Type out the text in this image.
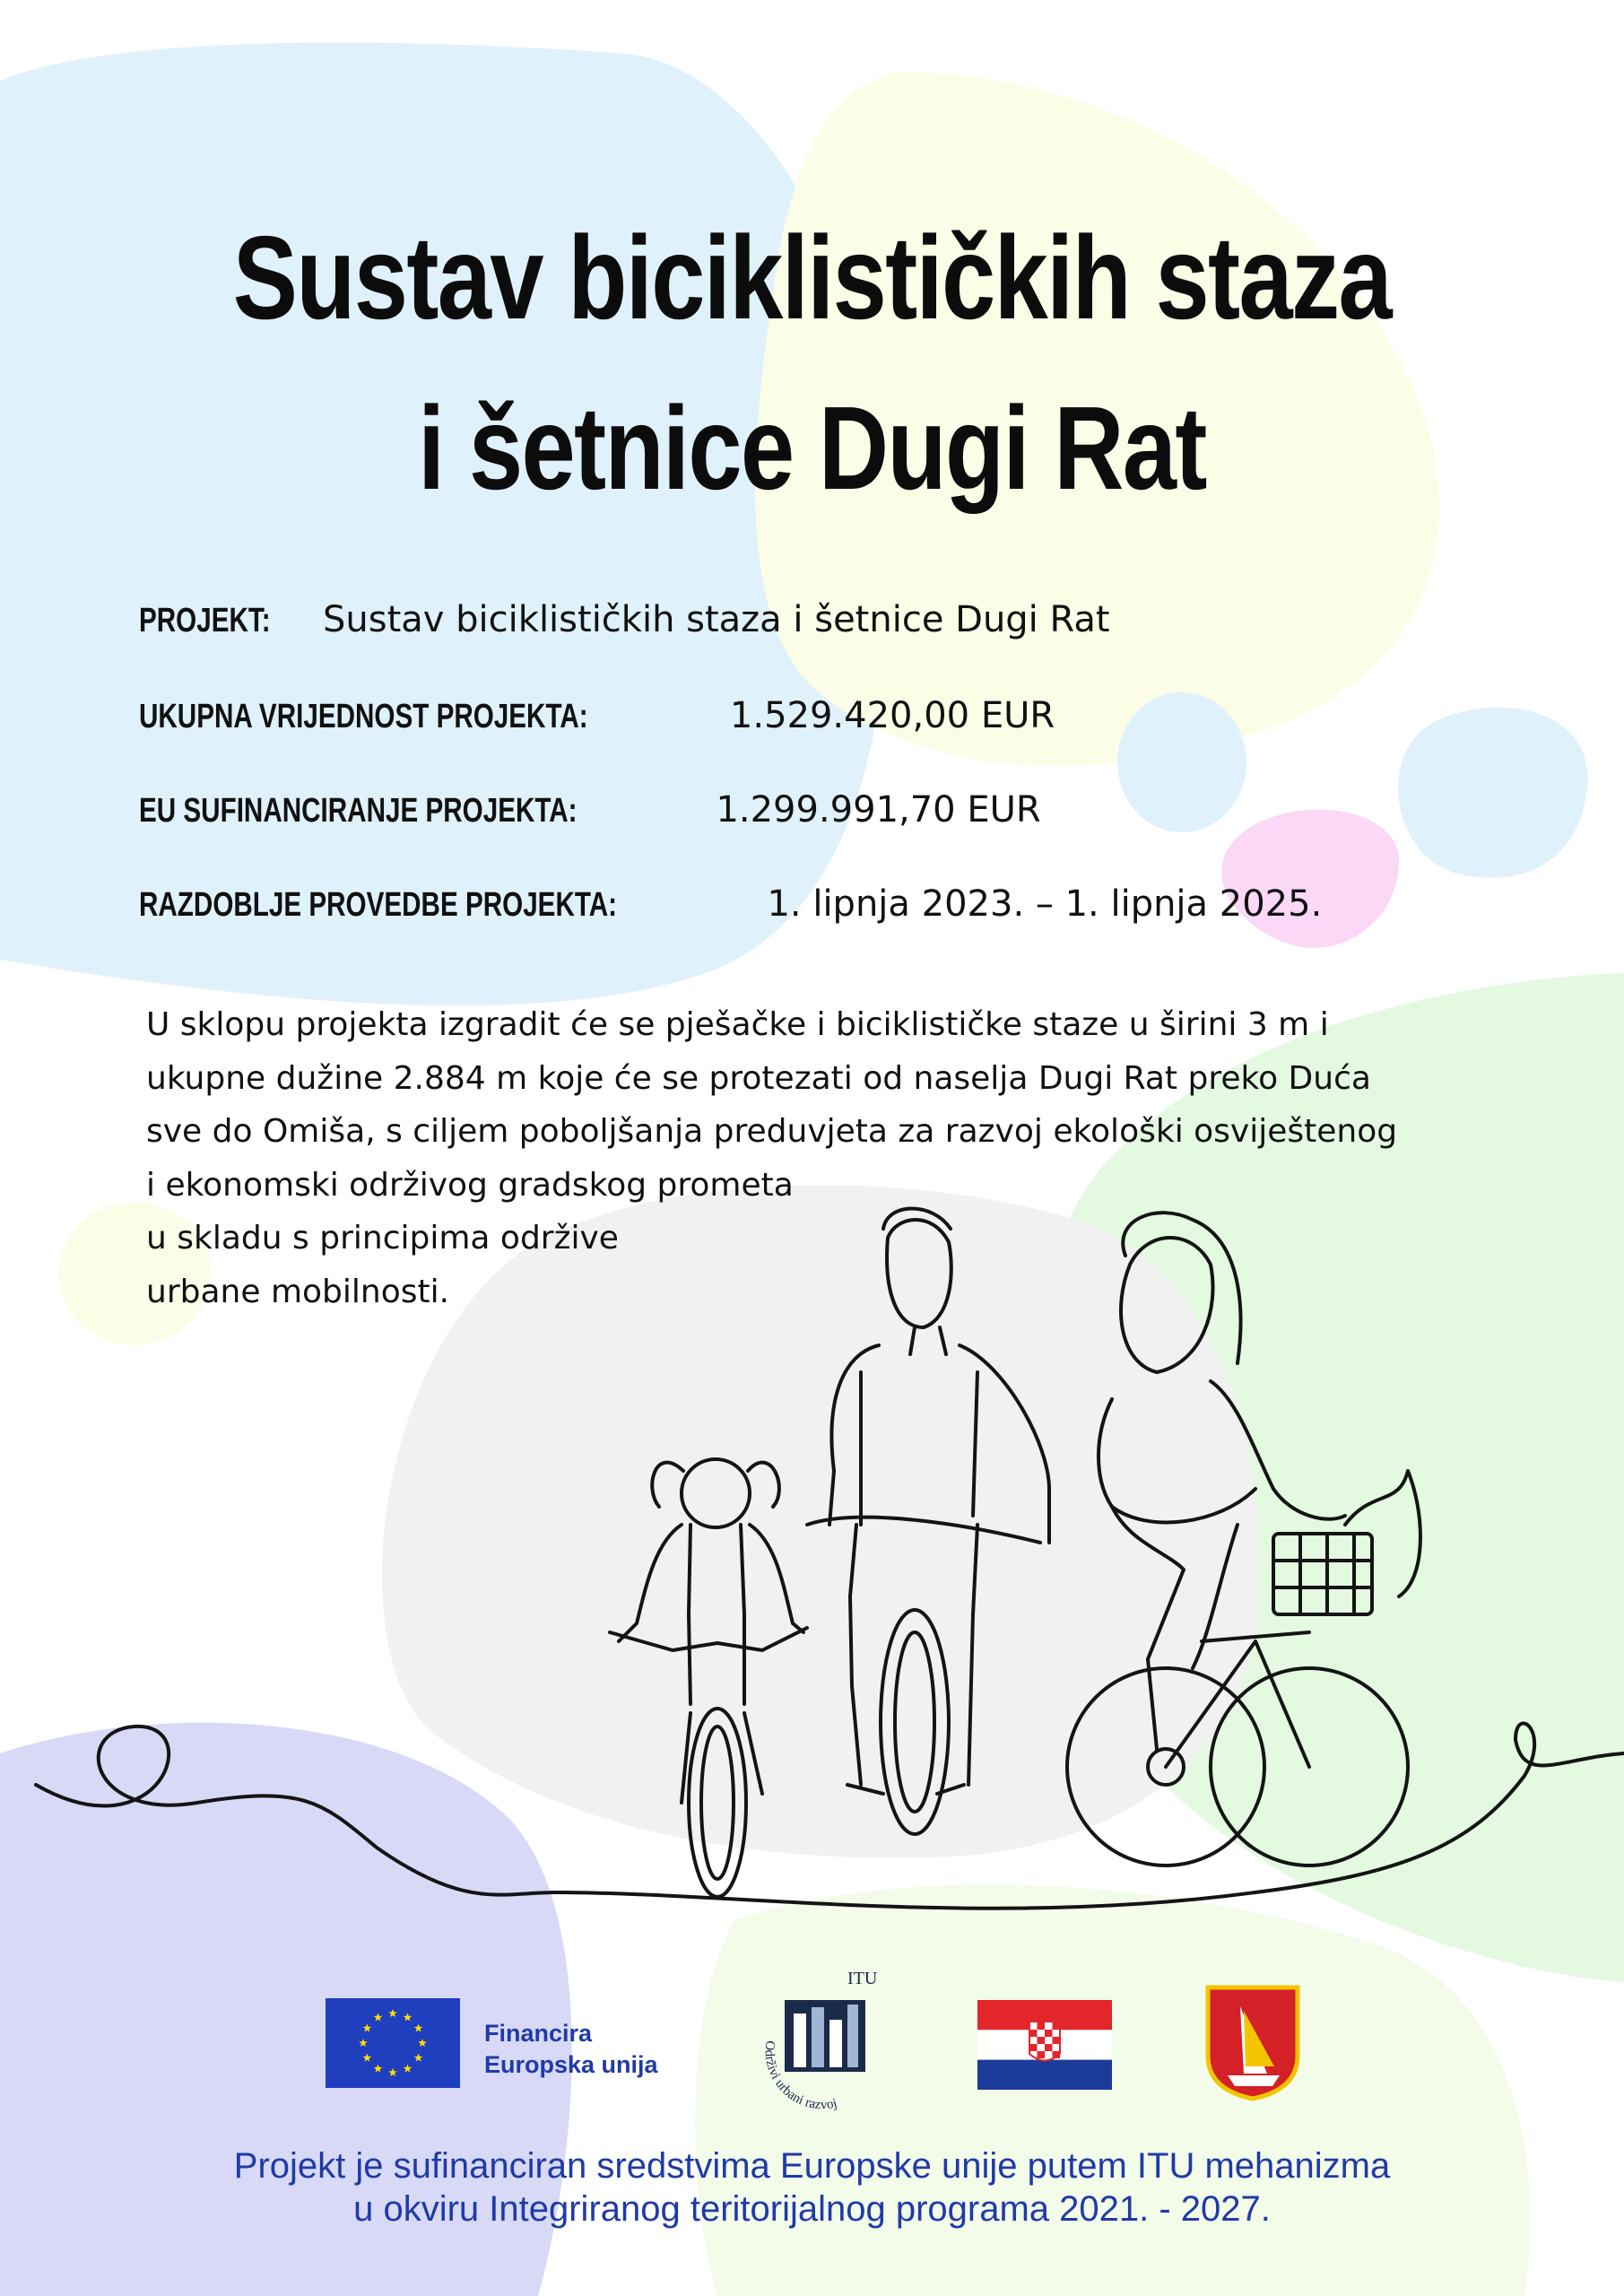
Sustav biciklističkih staza
i šetnice Dugi Rat
PROJEKT: Sustav biciklističkih staza i šetnice Dugi Rat
UKUPNA VRIJEDNOST PROJEKTA:	1.529.420,00 EUR
EU SUFINANCIRANJE PROJEKTA:	1.299.991,70 EUR
RAZDOBLJE PROVEDBE PROJEKTA:	1. lipnja 2023. – 1. lipnja 2025.
U sklopu projekta izgradit će se pješačke i biciklističke staze u širini 3 m i
ukupne dužine 2.884 m koje će se protezati od naselja Dugi Rat preko Dućа
sve do Omiša, s ciljem poboljšanja preduvjeta za razvoj ekološki osviještenog
i ekonomski održivog gradskog prometa
u skladu s principima održive
urbane mobilnosti.
Financira
Europska unija
ITU
Održivi urbani razvoj
Projekt je sufinanciran sredstvima Europske unije putem ITU mehanizma
u okviru Integriranog teritorijalnog programa 2021. - 2027.
